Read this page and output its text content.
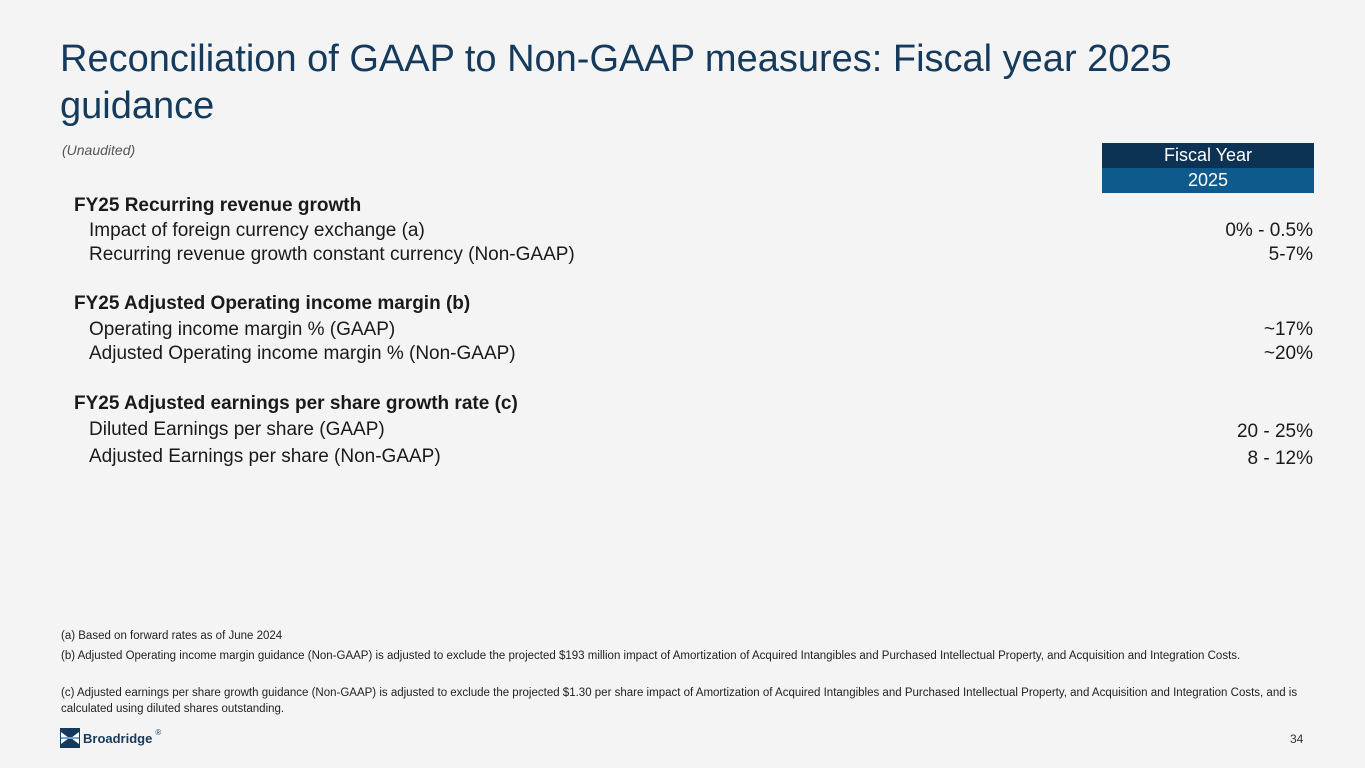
Reconciliation of GAAP to Non-GAAP measures: Fiscal year 2025 guidance
(Unaudited)	Fiscal Year
2025
FY25 Recurring revenue growth
Impact of foreign currency exchange (a)	0% - 0.5%
Recurring revenue growth constant currency (Non-GAAP)	5-7%
FY25 Adjusted Operating income margin (b)
Operating income margin % (GAAP)	~17%
Adjusted Operating income margin % (Non-GAAP)	~20%
FY25 Adjusted earnings per share growth rate (c)
Diluted Earnings per share (GAAP)	20 - 25%
Adjusted Earnings per share (Non-GAAP)	8 - 12%
(a) Based on forward rates as of June 2024
(b) Adjusted Operating income margin guidance (Non-GAAP) is adjusted to exclude the projected $193 million impact of Amortization of Acquired Intangibles and Purchased Intellectual Property, and Acquisition and Integration Costs.
(c) Adjusted earnings per share growth guidance (Non-GAAP) is adjusted to exclude the projected $1.30 per share impact of Amortization of Acquired Intangibles and Purchased Intellectual Property, and Acquisition and Integration Costs, and is calculated using diluted shares outstanding.
Broadridge ®	34
